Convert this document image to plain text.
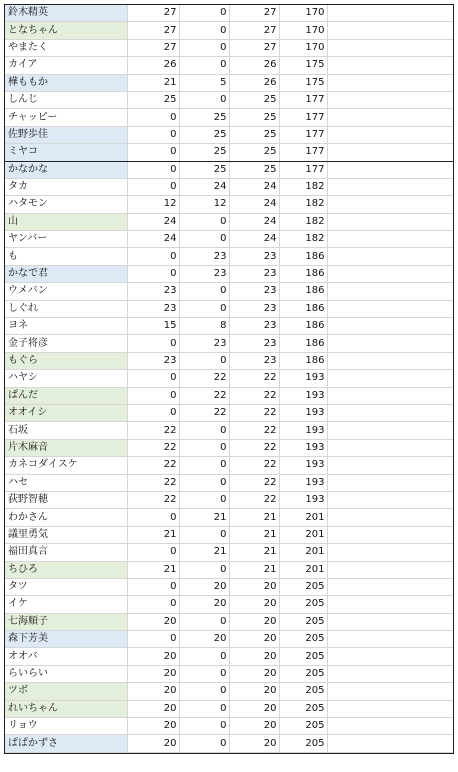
鈴木精英	27	0	27	170	
となちゃん	27	0	27	170	
やまたく	27	0	27	170	
カイア	26	0	26	175	
樺ももか	21	5	26	175	
しんじ	25	0	25	177	
チャッピー	0	25	25	177	
佐野歩佳	0	25	25	177	
ミヤコ	0	25	25	177	
かなかな	0	25	25	177	
タカ	0	24	24	182	
ハタモン	12	12	24	182	
山	24	0	24	182	
ヤンバー	24	0	24	182	
も	0	23	23	186	
かなで君	0	23	23	186	
ウメバン	23	0	23	186	
しぐれ	23	0	23	186	
ヨネ	15	8	23	186	
金子将彦	0	23	23	186	
もぐら	23	0	23	186	
ハヤシ	0	22	22	193	
ぱんだ	0	22	22	193	
オオイシ	0	22	22	193	
石坂	22	0	22	193	
片木麻音	22	0	22	193	
カネコダイスケ	22	0	22	193	
ハセ	22	0	22	193	
荻野智穂	22	0	22	193	
わかさん	0	21	21	201	
議里勇気	21	0	21	201	
福田真言	0	21	21	201	
ちひろ	21	0	21	201	
タツ	0	20	20	205	
イケ	0	20	20	205	
七海順子	20	0	20	205	
森下芳美	0	20	20	205	
オオバ	20	0	20	205	
らいらい	20	0	20	205	
ツボ	20	0	20	205	
れいちゃん	20	0	20	205	
リョウ	20	0	20	205	
ぱぱかずさ	20	0	20	205	
